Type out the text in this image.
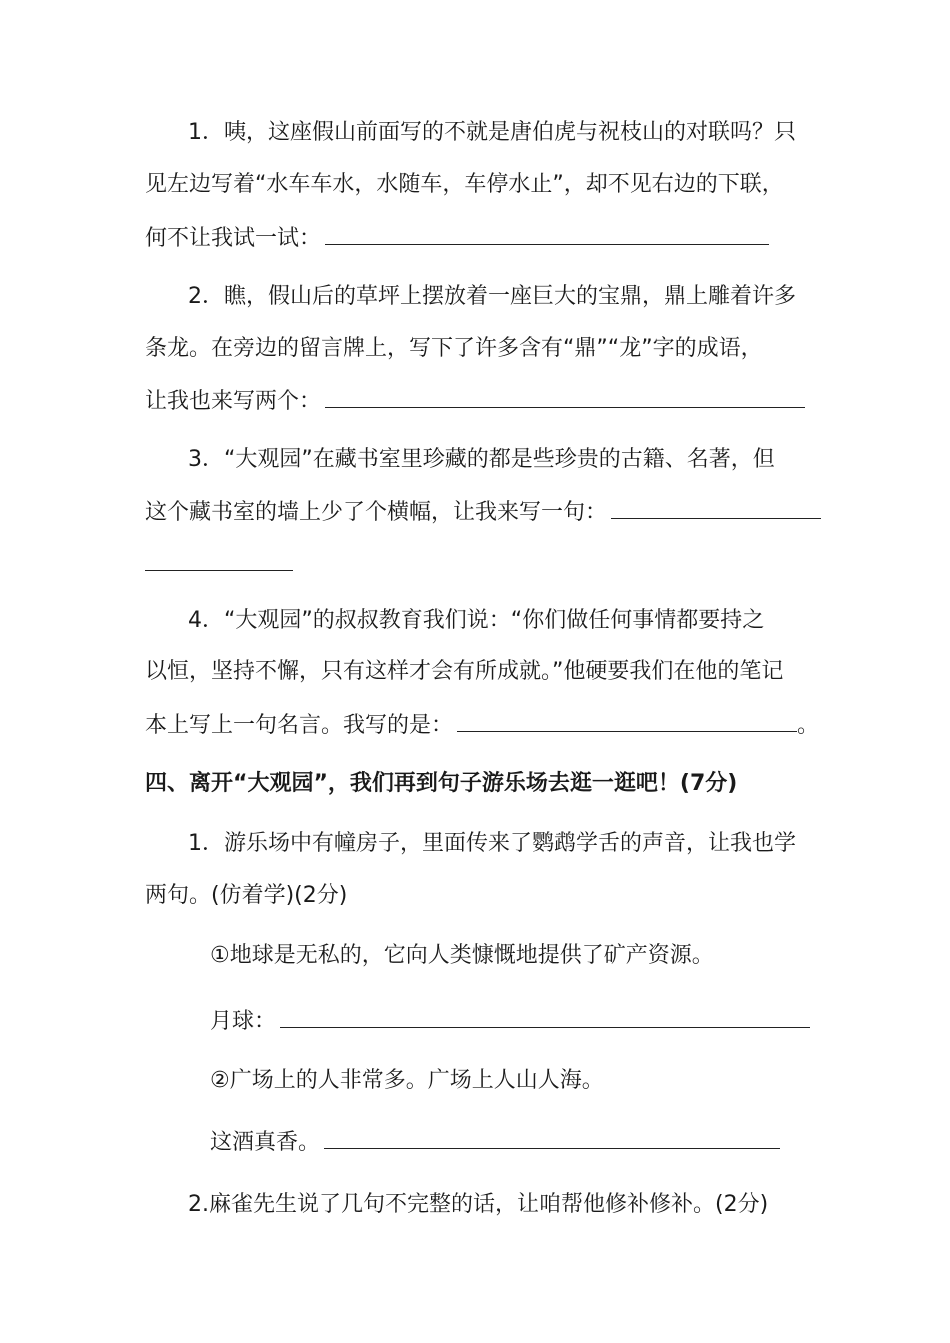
1．咦，这座假山前面写的不就是唐伯虎与祝枝山的对联吗？只
见左边写着“水车车水，水随车，车停水止”，却不见右边的下联，
何不让我试一试：
2．瞧，假山后的草坪上摆放着一座巨大的宝鼎，鼎上雕着许多
条龙。在旁边的留言牌上，写下了许多含有“鼎”“龙”字的成语，
让我也来写两个：
3．“大观园”在藏书室里珍藏的都是些珍贵的古籍、名著，但
这个藏书室的墙上少了个横幅，让我来写一句：
4．“大观园”的叔叔教育我们说：“你们做任何事情都要持之
以恒，坚持不懈，只有这样才会有所成就。”他硬要我们在他的笔记
本上写上一句名言。我写的是：	。
四、离开“大观园”，我们再到句子游乐场去逛一逛吧！(7分)
1．游乐场中有幢房子，里面传来了鹦鹉学舌的声音，让我也学
两句。(仿着学)(2分)
①地球是无私的，它向人类慷慨地提供了矿产资源。
月球：
②广场上的人非常多。广场上人山人海。
这酒真香。
2.麻雀先生说了几句不完整的话，让咱帮他修补修补。(2分)
